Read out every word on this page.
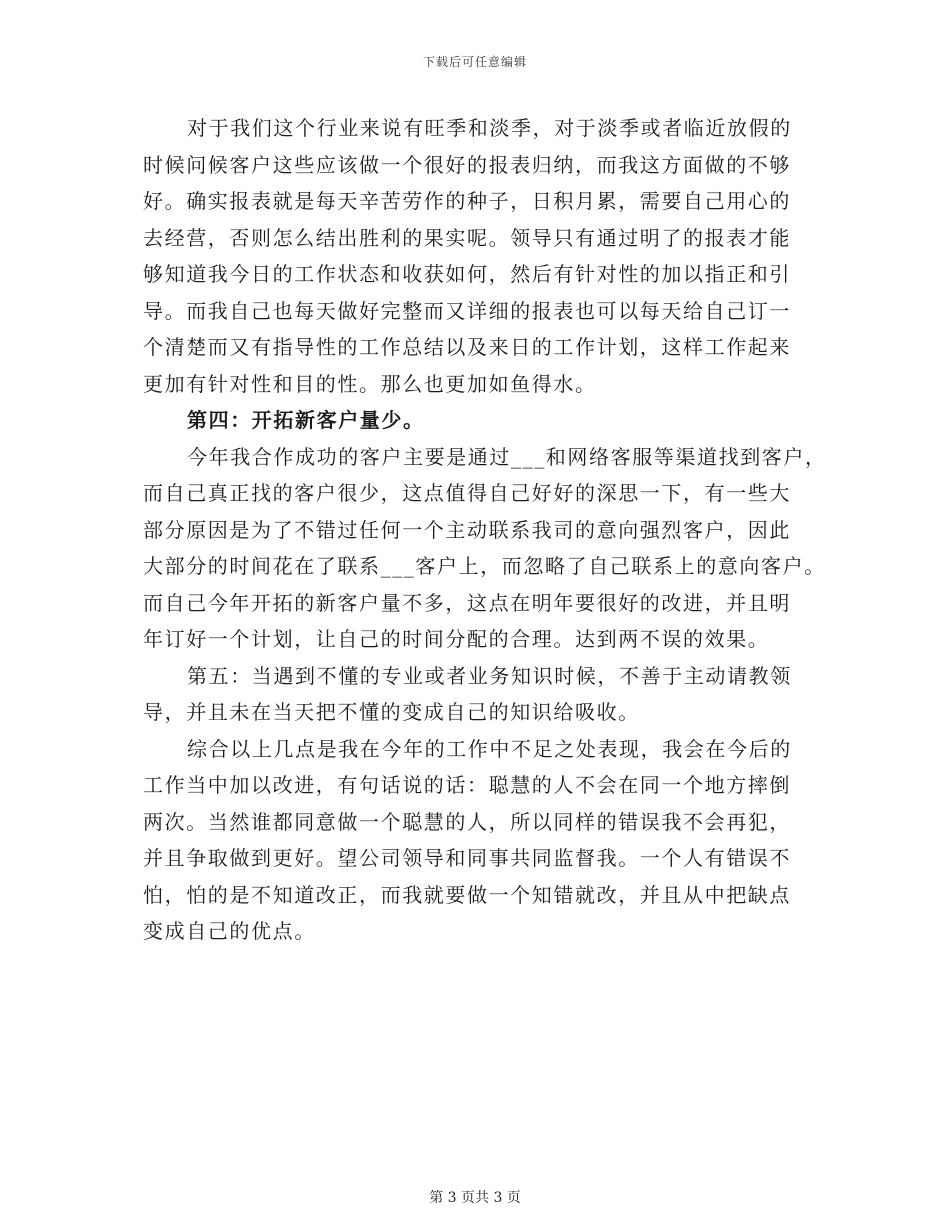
下载后可任意编辑
对于我们这个行业来说有旺季和淡季，对于淡季或者临近放假的
时候问候客户这些应该做一个很好的报表归纳，而我这方面做的不够
好。确实报表就是每天辛苦劳作的种子，日积月累，需要自己用心的
去经营，否则怎么结出胜利的果实呢。领导只有通过明了的报表才能
够知道我今日的工作状态和收获如何，然后有针对性的加以指正和引
导。而我自己也每天做好完整而又详细的报表也可以每天给自己订一
个清楚而又有指导性的工作总结以及来日的工作计划，这样工作起来
更加有针对性和目的性。那么也更加如鱼得水。
第四：开拓新客户量少。
今年我合作成功的客户主要是通过___和网络客服等渠道找到客户，
而自己真正找的客户很少，这点值得自己好好的深思一下，有一些大
部分原因是为了不错过任何一个主动联系我司的意向强烈客户，因此
大部分的时间花在了联系___客户上，而忽略了自己联系上的意向客户。
而自己今年开拓的新客户量不多，这点在明年要很好的改进，并且明
年订好一个计划，让自己的时间分配的合理。达到两不误的效果。
第五：当遇到不懂的专业或者业务知识时候，不善于主动请教领
导，并且未在当天把不懂的变成自己的知识给吸收。
综合以上几点是我在今年的工作中不足之处表现，我会在今后的
工作当中加以改进，有句话说的话：聪慧的人不会在同一个地方摔倒
两次。当然谁都同意做一个聪慧的人，所以同样的错误我不会再犯，
并且争取做到更好。望公司领导和同事共同监督我。一个人有错误不
怕，怕的是不知道改正，而我就要做一个知错就改，并且从中把缺点
变成自己的优点。
第 3 页共 3 页
